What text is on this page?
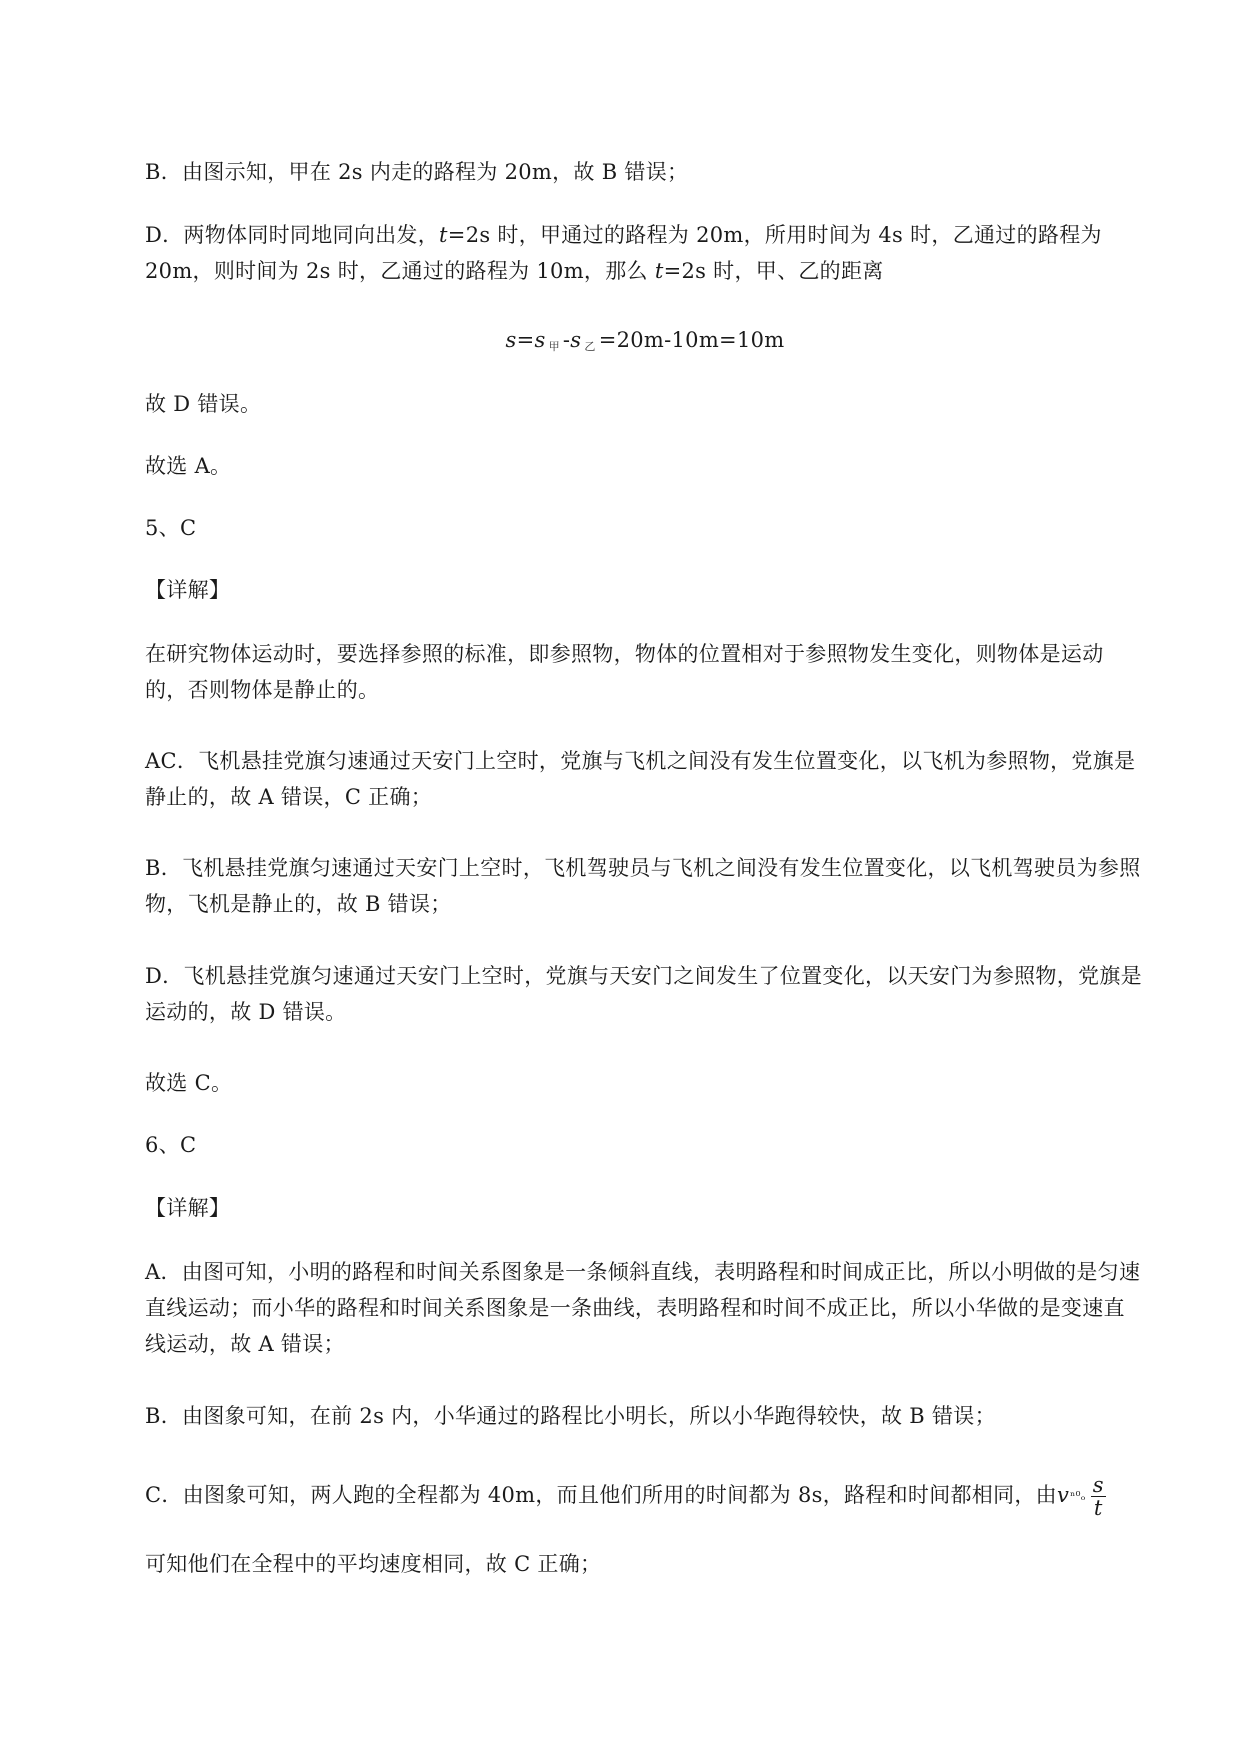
B．由图示知，甲在 2s 内走的路程为 20m，故 B 错误；

D．两物体同时同地同向出发，t=2s 时，甲通过的路程为 20m，所用时间为 4s 时，乙通过的路程为
20m，则时间为 2s 时，乙通过的路程为 10m，那么 t=2s 时，甲、乙的距离

s=s $_甲$ -s $_乙$ =20m-10m=10m

故 D 错误。

故选 A。

5、C

【详解】

在研究物体运动时，要选择参照的标准，即参照物，物体的位置相对于参照物发生变化，则物体是运动的，否则物体是静止的。

AC．飞机悬挂党旗匀速通过天安门上空时，党旗与飞机之间没有发生位置变化，以飞机为参照物，党旗是静止的，故 A 错误，C 正确；

B．飞机悬挂党旗匀速通过天安门上空时，飞机驾驶员与飞机之间没有发生位置变化，以飞机驾驶员为参照物，飞机是静止的，故 B 错误；

D．飞机悬挂党旗匀速通过天安门上空时，党旗与天安门之间发生了位置变化，以天安门为参照物，党旗是运动的，故 D 错误。

故选 C。

6、C

【详解】

A．由图可知，小明的路程和时间关系图象是一条倾斜直线，表明路程和时间成正比，所以小明做的是匀速直线运动；而小华的路程和时间关系图象是一条曲线，表明路程和时间不成正比，所以小华做的是变速直线运动，故 A 错误；

B．由图象可知，在前 2s 内，小华通过的路程比小明长，所以小华跑得较快，故 B 错误；

C．由图象可知，两人跑的全程都为 40m，而且他们所用的时间都为 8s，路程和时间都相同，由$v^{n0}_o \frac{s}{t}$

可知他们在全程中的平均速度相同，故 C 正确；
